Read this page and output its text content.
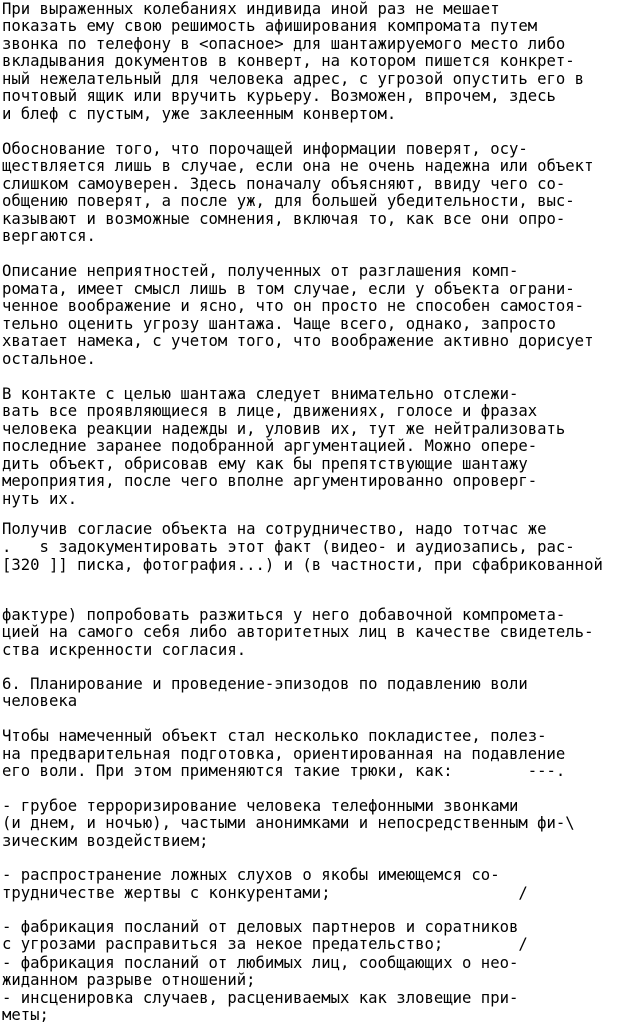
При выраженных колебаниях индивида иной раз не мешает

показать ему свою решимость афиширования компромата путем

звонка по телефону в <опасное> для шантажируемого место либо

вкладывания документов в конверт, на котором пишется конкрет-

ный нежелательный для человека адрес, с угрозой опустить его в

почтовый ящик или вручить курьеру. Возможен, впрочем, здесь

и блеф с пустым, уже заклеенным конвертом.

Обоснование того, что порочащей информации поверят, осу-

ществляется лишь в случае, если она не очень надежна или объект

слишком самоуверен. Здесь поначалу объясняют, ввиду чего со-

общению поверят, а после уж, для большей убедительности, выс-

казывают и возможные сомнения, включая то, как все они опро-

вергаются.

Описание неприятностей, полученных от разглашения комп-

ромата, имеет смысл лишь в том случае, если у объекта ограни-

ченное воображение и ясно, что он просто не способен самостоя-

тельно оценить угрозу шантажа. Чаще всего, однако, запросто

хватает намека, с учетом того, что воображение активно дорисует

остальное.

В контакте с целью шантажа следует внимательно отслежи-

вать все проявляющиеся в лице, движениях, голосе и фразах

человека реакции надежды и, уловив их, тут же нейтрализовать

последние заранее подобранной аргументацией. Можно опере-

дить объект, обрисовав ему как бы препятствующие шантажу

мероприятия, после чего вполне аргументированно опроверг-

нуть их.

Получив согласие объекта на сотрудничество, надо тотчас же

.   s задокументировать этот факт (видео- и аудиозапись, рас-

[320 ]] писка, фотография...) и (в частности, при сфабрикованной

фактуре) попробовать разжиться у него добавочной компромета-

цией на самого себя либо авторитетных лиц в качестве свидетель-

ства искренности согласия.

6. Планирование и проведение-эпизодов по подавлению воли

человека

Чтобы намеченный объект стал несколько покладистее, полез-

на предварительная подготовка, ориентированная на подавление

его воли. При этом применяются такие трюки, как:        ---.

- грубое терроризирование человека телефонными звонками

(и днем, и ночью), частыми анонимками и непосредственным фи-\

зическим воздействием;

- распространение ложных слухов о якобы имеющемся со-

трудничестве жертвы с конкурентами;                    /

- фабрикация посланий от деловых партнеров и соратников

с угрозами расправиться за некое предательство;        /

- фабрикация посланий от любимых лиц, сообщающих о нео-

жиданном разрыве отношений;

- инсценировка случаев, расцениваемых как зловещие при-

меты;
